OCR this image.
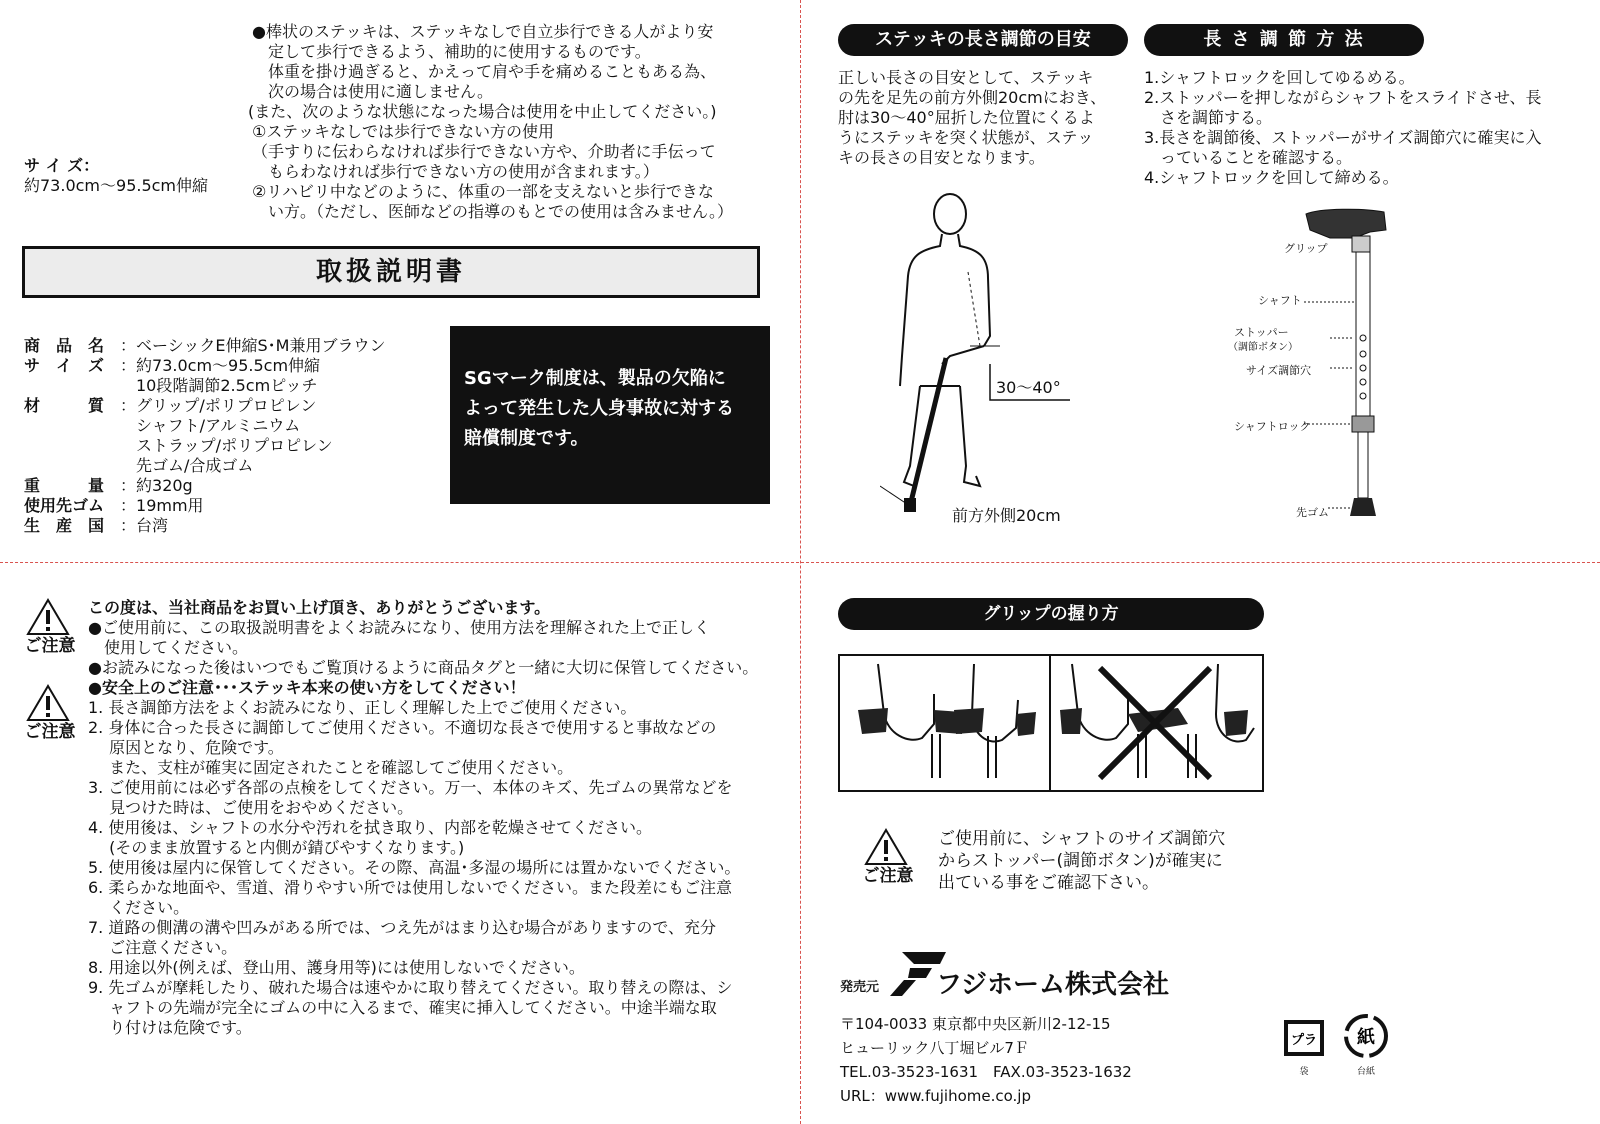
サ イ ズ：
約73.0cm〜95.5cm伸縮
●棒状のステッキは、ステッキなしで自立歩行できる人がより安
　定して歩行できるよう、補助的に使用するものです。
　体重を掛け過ぎると、かえって肩や手を痛めることもある為、
　次の場合は使用に適しません。
(また、次のような状態になった場合は使用を中止してください。)
①ステッキなしでは歩行できない方の使用
（手すりに伝わらなければ歩行できない方や、介助者に手伝って
　もらわなければ歩行できない方の使用が含まれます。）
②リハビリ中などのように、体重の一部を支えないと歩行できな
　い方。（ただし、医師などの指導のもとでの使用は含みません。）
取扱説明書
商　品　名 ： ベーシックE伸縮S･M兼用ブラウン
サ　イ　ズ ： 約73.0cm〜95.5cm伸縮
10段階調節2.5cmピッチ
材　　　質 ： グリップ/ポリプロピレン
シャフト/アルミニウム
ストラップ/ポリプロピレン
先ゴム/合成ゴム
重　　　量 ： 約320g
使用先ゴム ： 19mm用
生　産　国 ： 台湾
SGマーク制度は、製品の欠陥に
よって発生した人身事故に対する
賠償制度です。
ステッキの長さ調節の目安	長 さ 調 節 方 法
正しい長さの目安として、ステッキ
の先を足先の前方外側20cmにおき、
肘は30〜40°屈折した位置にくるよ
うにステッキを突く状態が、ステッ
キの長さの目安となります。
1.シャフトロックを回してゆるめる。
2.ストッパーを押しながらシャフトをスライドさせ、長
　さを調節する。
3.長さを調節後、ストッパーがサイズ調節穴に確実に入
　っていることを確認する。
4.シャフトロックを回して締める。
30〜40°
前方外側20cm
グリップ
シャフト
ストッパー
（調節ボタン）
サイズ調節穴
シャフトロック
先ゴム
ご注意
ご注意
この度は、当社商品をお買い上げ頂き、ありがとうございます。
●ご使用前に、この取扱説明書をよくお読みになり、使用方法を理解された上で正しく
　使用してください。
●お読みになった後はいつでもご覧頂けるように商品タグと一緒に大切に保管してください。
●安全上のご注意･･･ステッキ本来の使い方をしてください！
1. 長さ調節方法をよくお読みになり、正しく理解した上でご使用ください。
2. 身体に合った長さに調節してご使用ください。不適切な長さで使用すると事故などの
　 原因となり、危険です。
　 また、支柱が確実に固定されたことを確認してご使用ください。
3. ご使用前には必ず各部の点検をしてください。万一、本体のキズ、先ゴムの異常などを
　 見つけた時は、ご使用をおやめください。
4. 使用後は、シャフトの水分や汚れを拭き取り、内部を乾燥させてください。
　 (そのまま放置すると内側が錆びやすくなります。)
5. 使用後は屋内に保管してください。その際、高温･多湿の場所には置かないでください。
6. 柔らかな地面や、雪道、滑りやすい所では使用しないでください。また段差にもご注意
　 ください。
7. 道路の側溝の溝や凹みがある所では、つえ先がはまり込む場合がありますので、充分
　 ご注意ください。
8. 用途以外(例えば、登山用、護身用等)には使用しないでください。
9. 先ゴムが摩耗したり、破れた場合は速やかに取り替えてください。取り替えの際は、シ
　 ャフトの先端が完全にゴムの中に入るまで、確実に挿入してください。中途半端な取
　 り付けは危険です。
グリップの握り方
ご注意
ご使用前に、シャフトのサイズ調節穴
からストッパー(調節ボタン)が確実に
出ている事をご確認下さい。
発売元 フジホーム株式会社
〒104-0033 東京都中央区新川2-12-15
ヒューリック八丁堀ビル7Ｆ
TEL.03-3523-1631　FAX.03-3523-1632
URL：www.fujihome.co.jp
プラ
袋
紙
台紙
